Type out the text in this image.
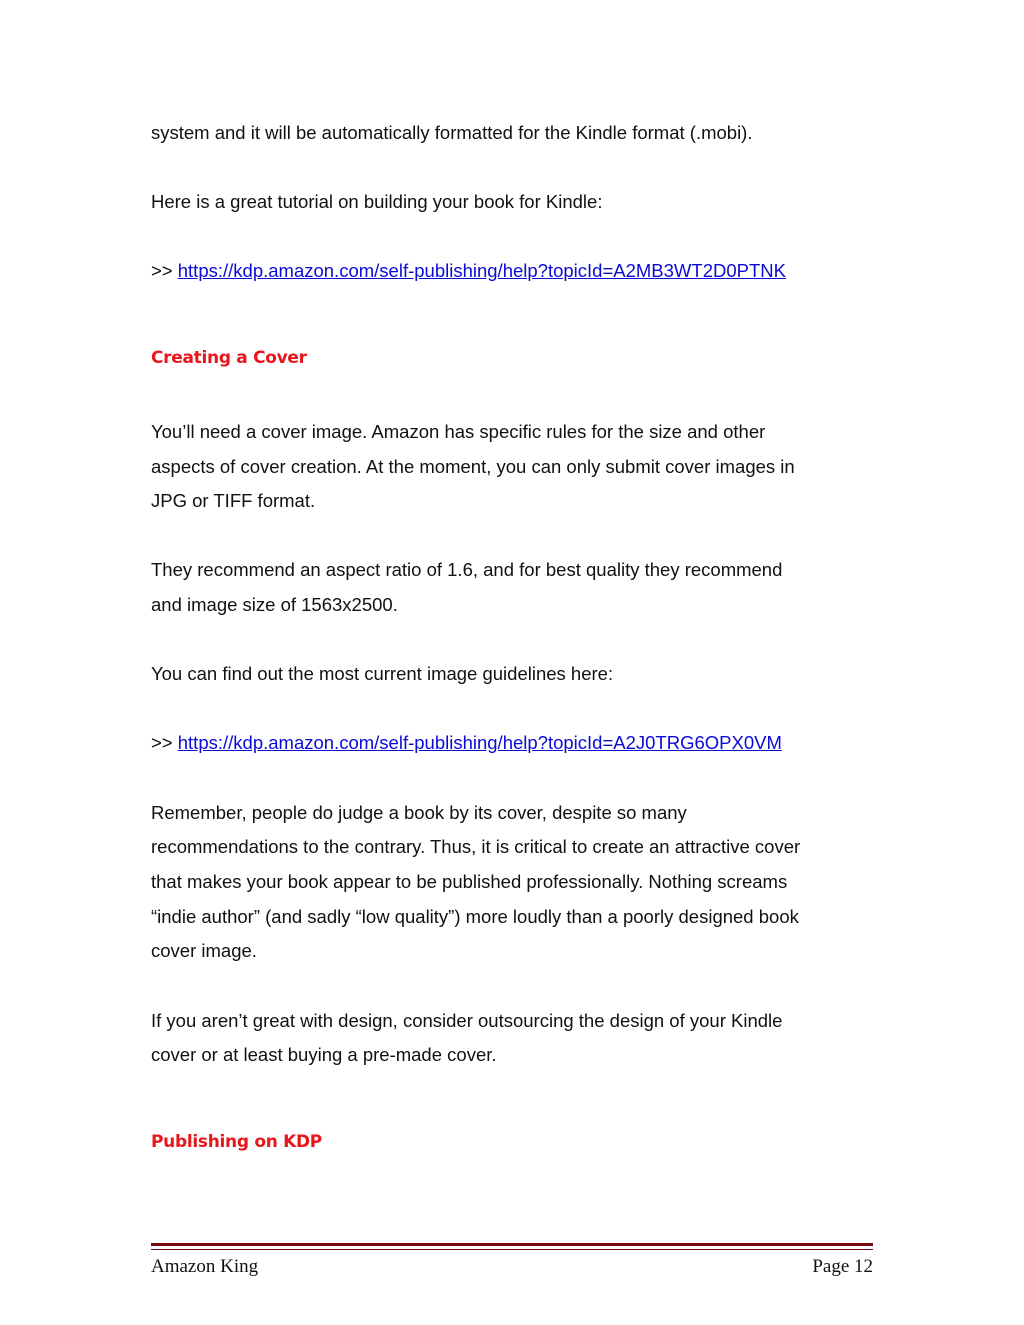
system and it will be automatically formatted for the Kindle format (.mobi).
Here is a great tutorial on building your book for Kindle:
>> https://kdp.amazon.com/self-publishing/help?topicId=A2MB3WT2D0PTNK
Creating a Cover
You’ll need a cover image. Amazon has specific rules for the size and other
aspects of cover creation. At the moment, you can only submit cover images in
JPG or TIFF format.
They recommend an aspect ratio of 1.6, and for best quality they recommend
and image size of 1563x2500.
You can find out the most current image guidelines here:
>> https://kdp.amazon.com/self-publishing/help?topicId=A2J0TRG6OPX0VM
Remember, people do judge a book by its cover, despite so many
recommendations to the contrary. Thus, it is critical to create an attractive cover
that makes your book appear to be published professionally. Nothing screams
“indie author” (and sadly “low quality”) more loudly than a poorly designed book
cover image.
If you aren’t great with design, consider outsourcing the design of your Kindle
cover or at least buying a pre-made cover.
Publishing on KDP
Amazon King	Page 12
